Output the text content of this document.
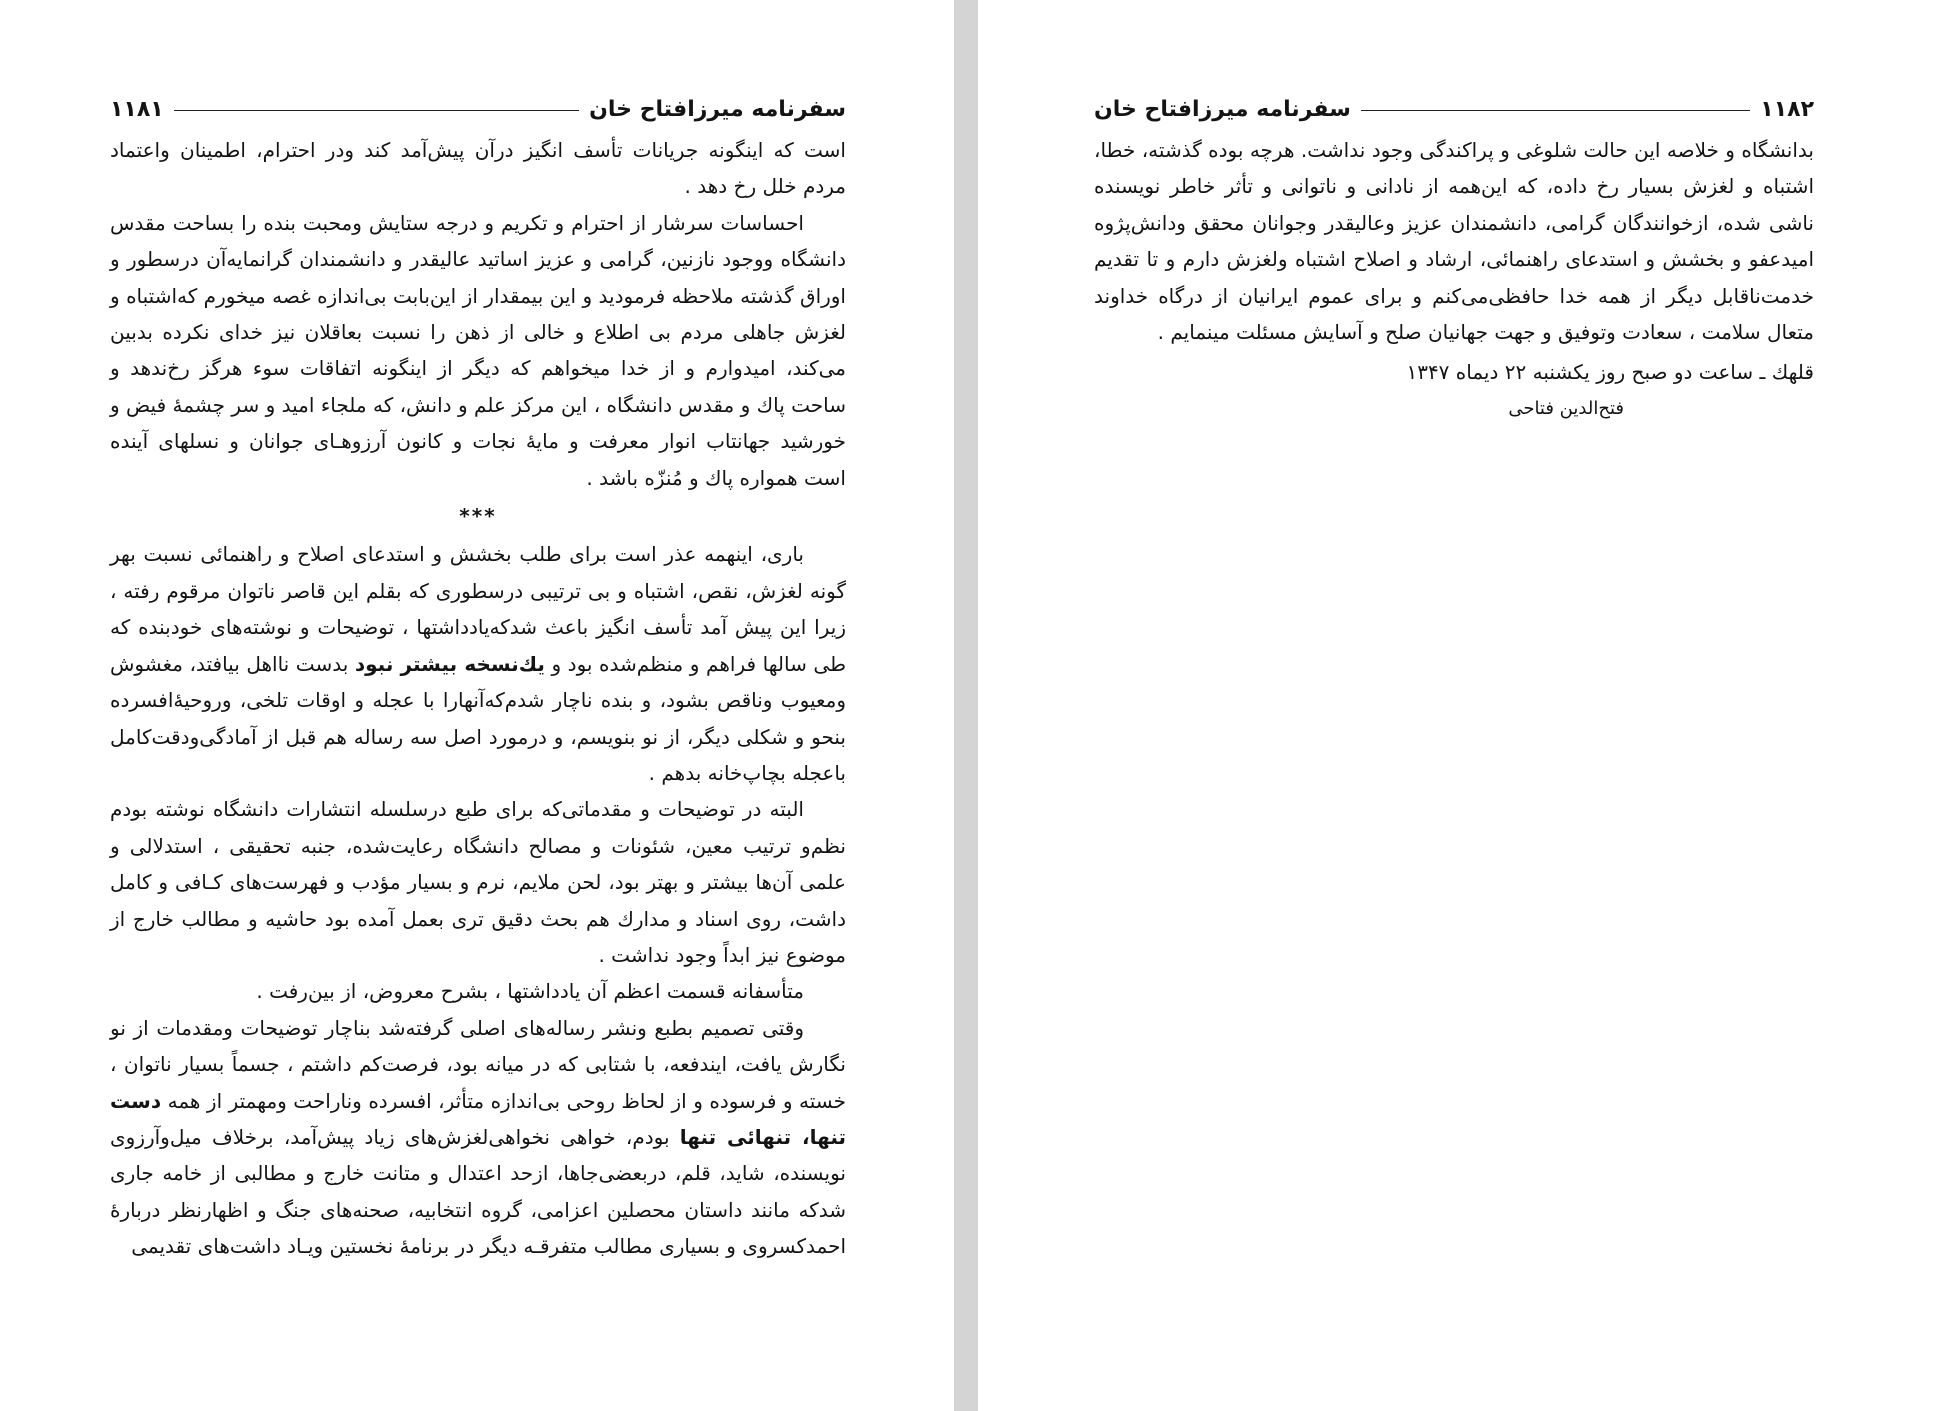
سفرنامه میرزافتاح خان
۱۱۸۱

است که اینگونه جریانات تأسف انگیز درآن پیش‌آمد کند ودر احترام، اطمینان واعتماد مردم خلل رخ دهد .

احساسات سرشار از احترام و تکریم و درجه ستایش ومحبت بنده را بساحت مقدس دانشگاه ووجود نازنین، گرامی و عزیز اساتید عالیقدر و دانشمندان گرانمایه‌آن درسطور و اوراق گذشته ملاحظه فرمودید و این بیمقدار از این‌بابت بی‌اندازه غصه میخورم که‌اشتباه و لغزش جاهلی مردم بی اطلاع و خالی از ذهن را نسبت بعاقلان نیز خدای نکرده بدبین می‌کند، امیدوارم و از خدا میخواهم که دیگر از اینگونه اتفاقات سوء هرگز رخ‌ندهد و ساحت پاك و مقدس دانشگاه ، این مرکز علم و دانش، که ملجاء امید و سر چشمهٔ فیض و خورشید جهانتاب انوار معرفت و مایهٔ نجات و کانون آرزوهـای جوانان و نسلهای آینده است همواره پاك و مُنزّه باشد .

***

باری، اینهمه عذر است برای طلب بخشش و استدعای اصلاح و راهنمائی نسبت بهر گونه لغزش، نقص، اشتباه و بی ترتیبی درسطوری که بقلم این قاصر ناتوان مرقوم رفته ، زیرا این پیش آمد تأسف انگیز باعث شدکه‌یادداشتها ، توضیحات و نوشته‌های خودبنده که طی سالها فراهم و منظم‌شده بود و یك‌نسخه بیشتر نبود بدست نااهل بیافتد، مغشوش ومعیوب وناقص بشود، و بنده ناچار شدم‌که‌آنهارا با عجله و اوقات تلخی، وروحیهٔ‌افسرده بنحو و شکلی دیگر، از نو بنویسم، و درمورد اصل سه رساله هم قبل از آمادگی‌ودقت‌کامل باعجله بچاپ‌خانه بدهم .

البته در توضیحات و مقدماتی‌که برای طبع درسلسله انتشارات دانشگاه نوشته بودم نظم‌و ترتیب معین، شئونات و مصالح دانشگاه رعایت‌شده، جنبه تحقیقی ، استدلالی و علمی آن‌ها بیشتر و بهتر بود، لحن ملایم، نرم و بسیار مؤدب و فهرست‌های کـافی و کامل داشت، روی اسناد و مدارك هم بحث دقیق تری بعمل آمده بود حاشیه و مطالب خارج از موضوع نیز ابداً وجود نداشت .

متأسفانه قسمت اعظم آن یادداشتها ، بشرح معروض، از بین‌رفت .

وقتی تصمیم بطبع ونشر رساله‌های اصلی گرفته‌شد بناچار توضیحات ومقدمات از نو نگارش یافت، ایندفعه، با شتابی که در میانه بود، فرصت‌کم داشتم ، جسماً بسیار ناتوان ، خسته و فرسوده و از لحاظ روحی بی‌اندازه متأثر، افسرده وناراحت ومهمتر از همه دست تنها، تنهائی تنها بودم، خواهی نخواهی‌لغزش‌های زیاد پیش‌آمد، برخلاف میل‌وآرزوی نویسنده، شاید، قلم، دربعضی‌جاها، ازحد اعتدال و متانت خارج و مطالبی از خامه جاری شدکه مانند داستان محصلین اعزامی، گروه انتخابیه، صحنه‌های جنگ و اظهارنظر دربارهٔ احمدکسروی و بسیاری مطالب متفرقـه دیگر در برنامهٔ نخستین ویـاد داشت‌های تقدیمی

۱۱۸۲
سفرنامه میرزافتاح خان

بدانشگاه و خلاصه این حالت شلوغی و پراکندگی وجود نداشت. هرچه بوده گذشته، خطا، اشتباه و لغزش بسیار رخ داده، که این‌همه از نادانی و ناتوانی و تأثر خاطر نویسنده ناشی شده، ازخوانندگان گرامی، دانشمندان عزیز وعالیقدر وجوانان محقق ودانش‌پژوه امیدعفو و بخشش و استدعای راهنمائی، ارشاد و اصلاح اشتباه ولغزش دارم و تا تقدیم خدمت‌ناقابل دیگر از همه خدا حافظی‌می‌کنم و برای عموم ایرانیان از درگاه خداوند متعال سلامت ، سعادت وتوفیق و جهت جهانیان صلح و آسایش مسئلت مینمایم .

قلهك ـ ساعت دو صبح روز یکشنبه ۲۲ دیماه ۱۳۴۷

فتح‌الدین فتاحی
